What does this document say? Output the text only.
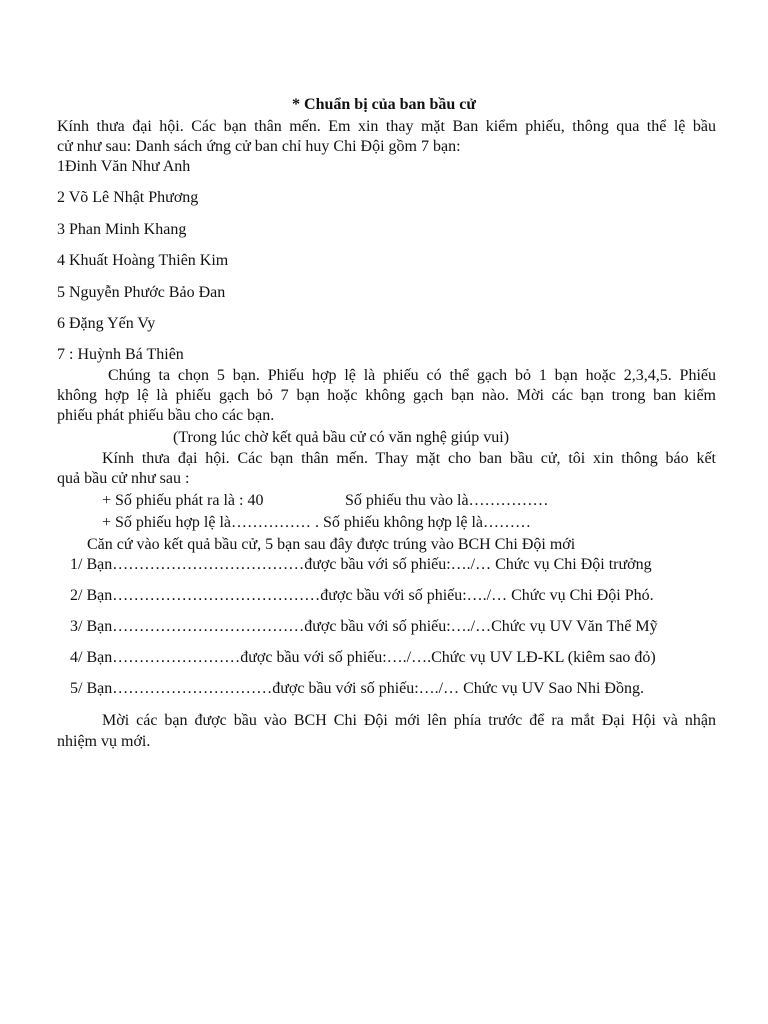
* Chuẩn bị của ban bầu cử
Kính thưa đại hội. Các bạn thân mến. Em xin thay mặt Ban kiểm phiếu, thông qua thể lệ bầu
cử như sau: Danh sách ứng cử ban chỉ huy Chi Đội gồm 7 bạn:
1Đinh Văn Như Anh
2 Võ Lê Nhật Phương
3 Phan Minh Khang
4 Khuất Hoàng Thiên Kim
5 Nguyễn Phước Bảo Đan
6 Đặng Yến Vy
7 : Huỳnh Bá Thiên
Chúng ta chọn 5 bạn. Phiếu hợp lệ là phiếu có thể gạch bỏ 1 bạn hoặc 2,3,4,5. Phiếu
không hợp lệ là phiếu gạch bỏ 7 bạn hoặc không gạch bạn nào. Mời các bạn trong ban kiểm
phiếu phát phiếu bầu cho các bạn.
(Trong lúc chờ kết quả bầu cử có văn nghệ giúp vui)
Kính thưa đại hội. Các bạn thân mến. Thay mặt cho ban bầu cử, tôi xin thông báo kết
quả bầu cử như sau :
+ Số phiếu phát ra là : 40	Số phiếu thu vào là……………
+ Số phiếu hợp lệ là…………… . Số phiếu không hợp lệ là………
Căn cứ vào kết quả bầu cử, 5 bạn sau đây được trúng vào BCH Chi Đội mới
1/ Bạn………………………………được bầu với số phiếu:…./… Chức vụ Chi Đội trưởng
2/ Bạn…………………………………được bầu với số phiếu:…./… Chức vụ Chi Đội Phó.
3/ Bạn………………………………được bầu với số phiếu:…./…Chức vụ UV Văn Thể Mỹ
4/ Bạn……………………được bầu với số phiếu:…./….Chức vụ UV LĐ-KL (kiêm sao đỏ)
5/ Bạn…………………………được bầu với số phiếu:…./… Chức vụ UV Sao Nhi Đồng.
Mời các bạn được bầu vào BCH Chi Đội mới lên phía trước để ra mắt Đại Hội và nhận
nhiệm vụ mới.
